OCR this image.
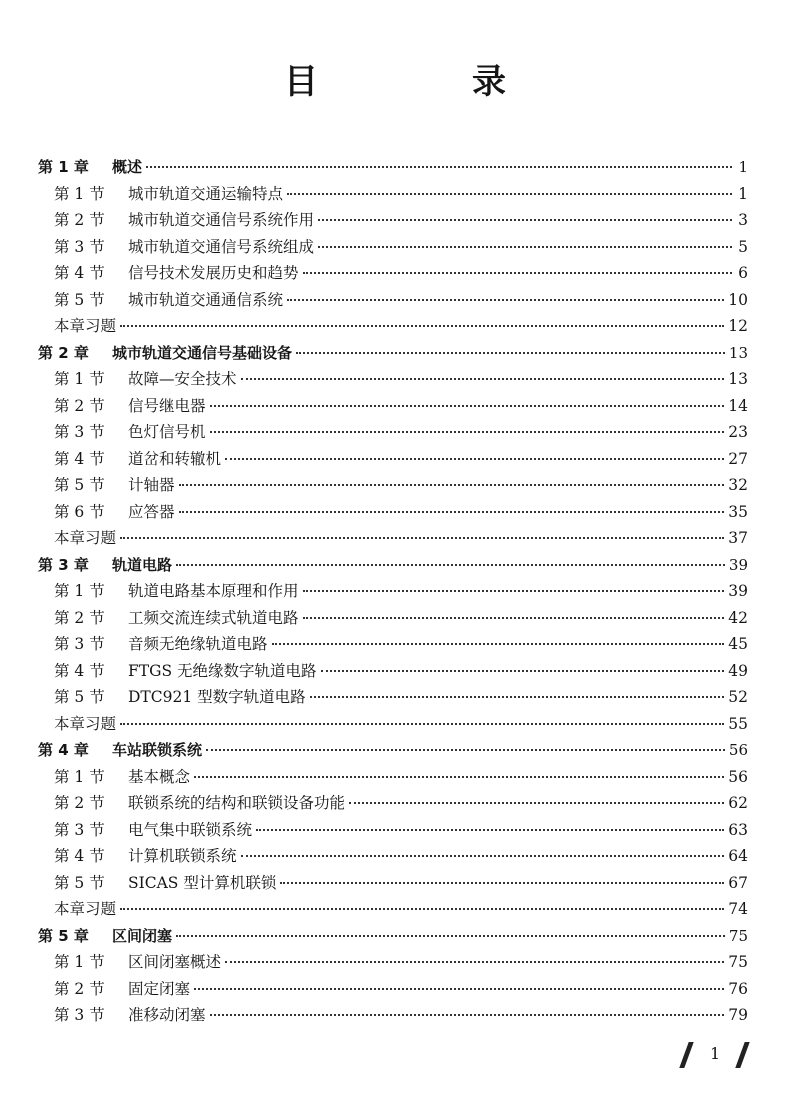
目　录
第 1 章	概述	1
第 1 节	城市轨道交通运输特点	1
第 2 节	城市轨道交通信号系统作用	3
第 3 节	城市轨道交通信号系统组成	5
第 4 节	信号技术发展历史和趋势	6
第 5 节	城市轨道交通通信系统	10
本章习题	12
第 2 章	城市轨道交通信号基础设备	13
第 1 节	故障—安全技术	13
第 2 节	信号继电器	14
第 3 节	色灯信号机	23
第 4 节	道岔和转辙机	27
第 5 节	计轴器	32
第 6 节	应答器	35
本章习题	37
第 3 章	轨道电路	39
第 1 节	轨道电路基本原理和作用	39
第 2 节	工频交流连续式轨道电路	42
第 3 节	音频无绝缘轨道电路	45
第 4 节	FTGS 无绝缘数字轨道电路	49
第 5 节	DTC921 型数字轨道电路	52
本章习题	55
第 4 章	车站联锁系统	56
第 1 节	基本概念	56
第 2 节	联锁系统的结构和联锁设备功能	62
第 3 节	电气集中联锁系统	63
第 4 节	计算机联锁系统	64
第 5 节	SICAS 型计算机联锁	67
本章习题	74
第 5 章	区间闭塞	75
第 1 节	区间闭塞概述	75
第 2 节	固定闭塞	76
第 3 节	准移动闭塞	79
1
